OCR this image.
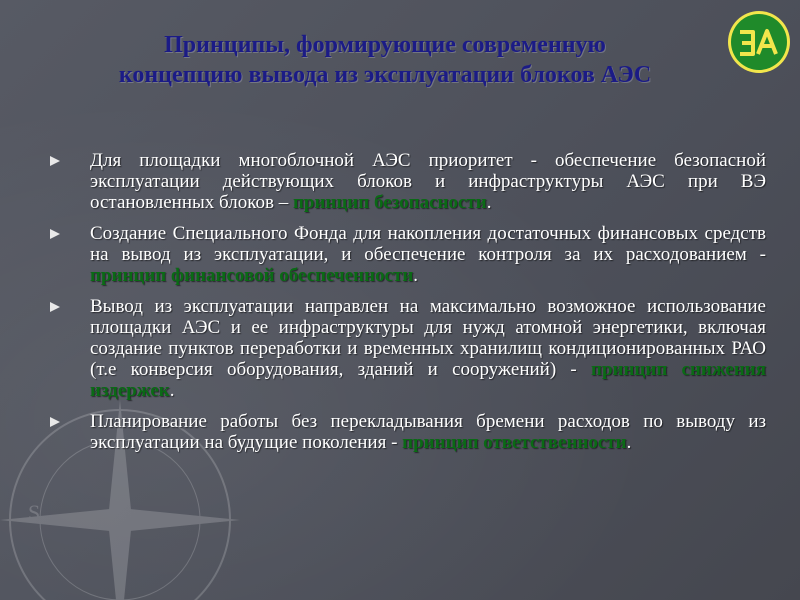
S
Принципы, формирующие современную
концепцию вывода из эксплуатации блоков АЭС
Для площадки многоблочной АЭС приоритет - обеспечение безопасной эксплуатации действующих блоков и инфраструктуры АЭС при ВЭ остановленных блоков – принцип безопасности.
Создание Специального Фонда для накопления достаточных финансовых средств на вывод из эксплуатации, и обеспечение контроля за их расходованием - принцип финансовой обеспеченности.
Вывод из эксплуатации направлен на максимально возможное использование площадки АЭС и ее инфраструктуры для нужд атомной энергетики, включая создание пунктов переработки и временных хранилищ кондиционированных РАО (т.е конверсия оборудования, зданий и сооружений) - принцип снижения издержек.
Планирование работы без перекладывания бремени расходов по выводу из эксплуатации на будущие поколения - принцип ответственности.
